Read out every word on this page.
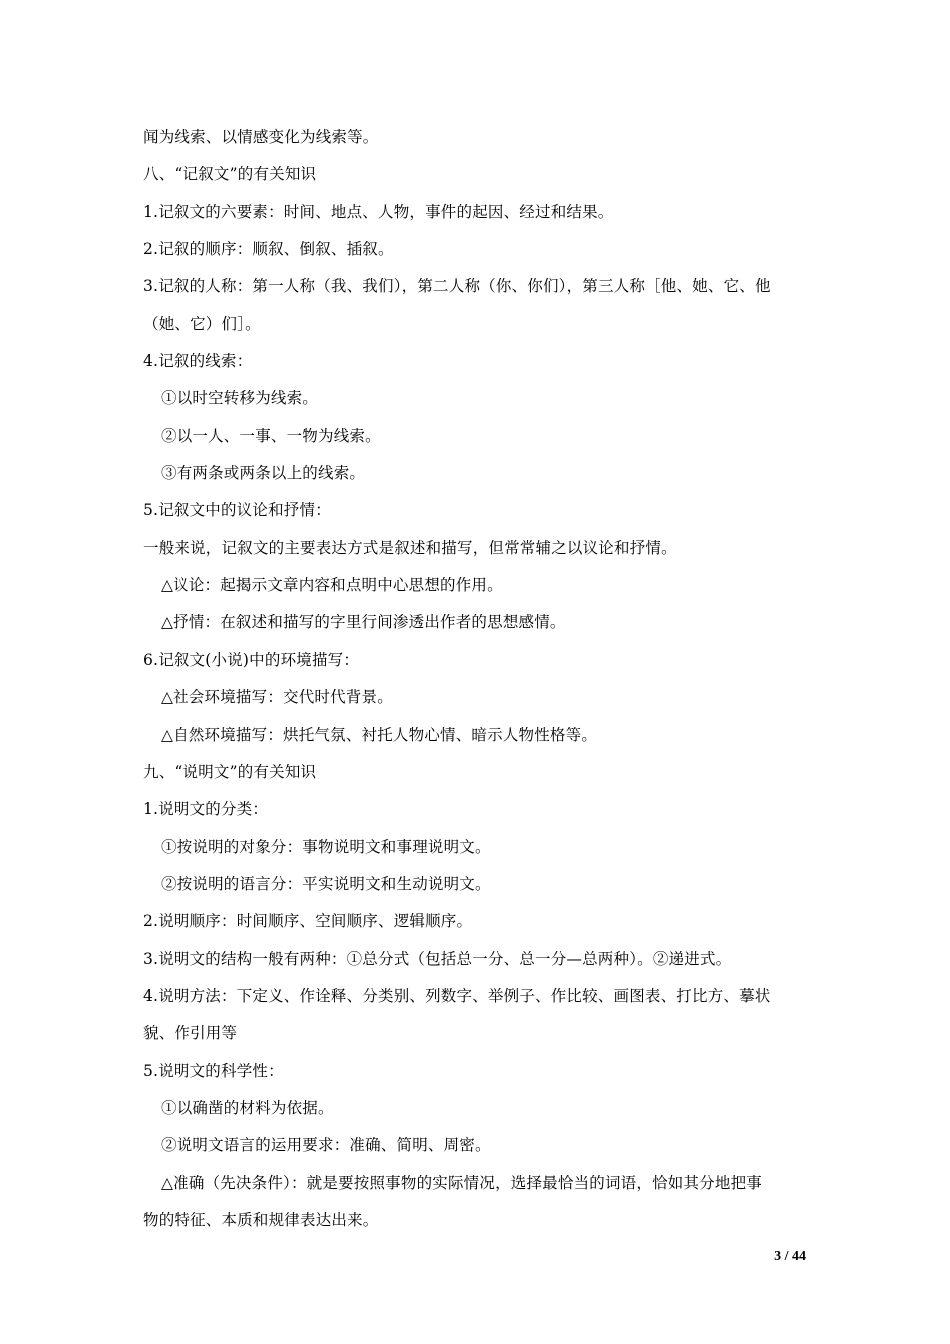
闻为线索、以情感变化为线索等。
八、“记叙文”的有关知识
1.记叙文的六要素：时间、地点、人物，事件的起因、经过和结果。
2.记叙的顺序：顺叙、倒叙、插叙。
3.记叙的人称：第一人称（我、我们），第二人称（你、你们），第三人称［他、她、它、他
（她、它）们］。
4.记叙的线索：
①以时空转移为线索。
②以一人、一事、一物为线索。
③有两条或两条以上的线索。
5.记叙文中的议论和抒情：
一般来说，记叙文的主要表达方式是叙述和描写，但常常辅之以议论和抒情。
△议论：起揭示文章内容和点明中心思想的作用。
△抒情：在叙述和描写的字里行间渗透出作者的思想感情。
6.记叙文(小说)中的环境描写：
△社会环境描写：交代时代背景。
△自然环境描写：烘托气氛、衬托人物心情、暗示人物性格等。
九、“说明文”的有关知识
1.说明文的分类：
①按说明的对象分：事物说明文和事理说明文。
②按说明的语言分：平实说明文和生动说明文。
2.说明顺序：时间顺序、空间顺序、逻辑顺序。
3.说明文的结构一般有两种：①总分式（包括总一分、总一分—总两种）。②递进式。
4.说明方法：下定义、作诠释、分类别、列数字、举例子、作比较、画图表、打比方、摹状
貌、作引用等
5.说明文的科学性：
①以确凿的材料为依据。
②说明文语言的运用要求：准确、简明、周密。
△准确（先决条件）：就是要按照事物的实际情况，选择最恰当的词语，恰如其分地把事
物的特征、本质和规律表达出来。
3 / 44
